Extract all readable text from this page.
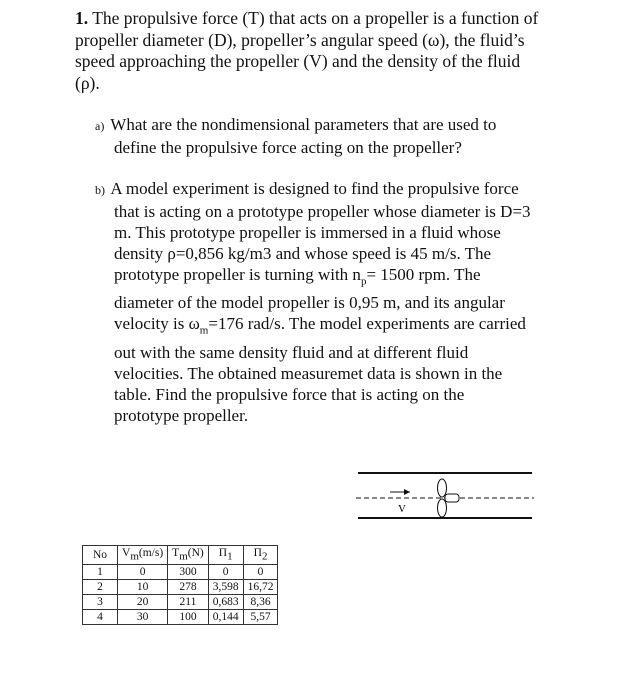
1. The propulsive force (T) that acts on a propeller is a function of
propeller diameter (D), propeller’s angular speed (ω), the fluid’s
speed approaching the propeller (V) and the density of the fluid
(ρ).

a) What are the nondimensional parameters that are used to
define the propulsive force acting on the propeller?
b) A model experiment is designed to find the propulsive force
that is acting on a prototype propeller whose diameter is D=3
m. This prototype propeller is immersed in a fluid whose
density ρ=0,856 kg/m3 and whose speed is 45 m/s. The
prototype propeller is turning with $n_p= 1500$ rpm. The
diameter of the model propeller is 0,95 m, and its angular
velocity is $\omega_m=176$ rad/s. The model experiments are carried
out with the same density fluid and at different fluid
velocities. The obtained measuremet data is shown in the
table. Find the propulsive force that is acting on the
prototype propeller.
V
No	$V_m(m/s)$	$T_m(N)$	$\Pi_1$	$\Pi_2$
1	0	300	0	0
2	10	278	3,598	16,72
3	20	211	0,683	8,36
4	30	100	0,144	5,57
